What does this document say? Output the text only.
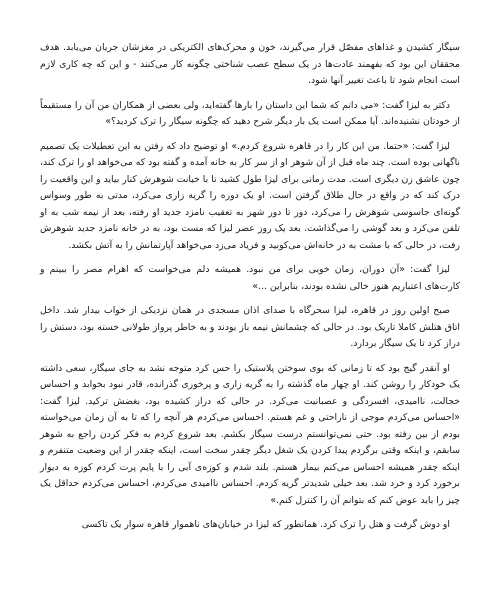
سیگار کشیدن و غذاهای مفصّل قرار می‌گیرند، خون و محرک‌های الکتریکی در مغزشان جریان می‌یابد. هدف محققان این بود که بفهمند عادت‌ها در یک سطح عصب شناختی چگونه کار می‌کنند - و این که چه کاری لازم است انجام شود تا باعث تغییر آنها شود.

دکتر به لیزا گفت: «می دانم که شما این داستان را بارها گفته‌اید، ولی بعضی از همکاران من آن را مستقیماً از خودتان نشنیده‌اند. آیا ممکن است یک بار دیگر شرح دهید که چگونه سیگار را ترک کردید؟»

لیزا گفت: «حتما. من این کار را در قاهره شروع کردم.» او توضیح داد که رفتن به این تعطیلات یک تصمیم ناگهانی بوده است. چند ماه قبل از آن شوهر او از سر کار به خانه آمده و گفته بود که می‌خواهد او را ترک کند، چون عاشق زن دیگری است. مدت زمانی برای لیزا طول کشید تا با خیانت شوهرش کنار بیاید و این واقعیت را درک کند که در واقع در حال طلاق گرفتن است. او یک دوره را گریه زاری می‌کرد، مدتی به طور وسواس گونه‌ای جاسوسی شوهرش را می‌کرد، دور تا دور شهر به تعقیب نامزد جدید او رفته، بعد از نیمه شب به او تلفن می‌کرد و بعد گوشی را می‌گذاشت. بعد یک روز عصر لیزا که مست بود، به در خانه نامزد جدید شوهرش رفت، در حالی که با مشت به در خانه‌اش می‌کوبید و فریاد می‌زد می‌خواهد آپارتمانش را به آتش بکشد.

لیزا گفت: «آن دوران، زمان خوبی برای من نبود. همیشه دلم می‌خواست که اهرام مصر را ببینم و کارت‌های اعتباریم هنوز خالی نشده بودند، بنابراین ...»

صبح اولین روز در قاهره، لیزا سحرگاه با صدای اذان مسجدی در همان نزدیکی از خواب بیدار شد. داخل اتاق هتلش کاملا تاریک بود. در حالی که چشمانش نیمه باز بودند و به خاطر پرواز طولانی خسته بود، دستش را دراز کرد تا یک سیگار بردارد.

او آنقدر گیج بود که تا زمانی که بوی سوختن پلاستیک را حس کرد متوجه نشد به جای سیگار، سعی داشته یک خودکار را روشن کند. او چهار ماه گذشته را به گریه زاری و پرخوری گذرانده، قادر نبود بخوابد و احساس خجالت، ناامیدی، افسردگی و عصبانیت می‌کرد. در حالی که دراز کشیده بود، بغضش ترکید. لیزا گفت: «احساس می‌کردم موجی از ناراحتی و غم هستم. احساس می‌کردم هر آنچه را که تا به آن زمان می‌خواسته بودم از بین رفته بود. حتی نمی‌توانستم درست سیگار بکشم. بعد شروع کردم به فکر کردن راجع به شوهر سابقم، و اینکه وقتی برگردم پیدا کردن یک شغل دیگر چقدر سخت است، اینکه چقدر از این وضعیت متنفرم و اینکه چقدر همیشه احساس می‌کنم بیمار هستم. بلند شدم و کوزه‌ی آبی را با پایم پرت کردم کوزه به دیوار برخورد کرد و خرد شد. بعد خیلی شدیدتر گریه کردم. احساس ناامیدی می‌کردم، احساس می‌کردم حداقل یک چیز را باید عوض کنم که بتوانم آن را کنترل کنم.»

او دوش گرفت و هتل را ترک کرد. همانطور که لیزا در خیابان‌های ناهموار قاهره سوار یک تاکسی
